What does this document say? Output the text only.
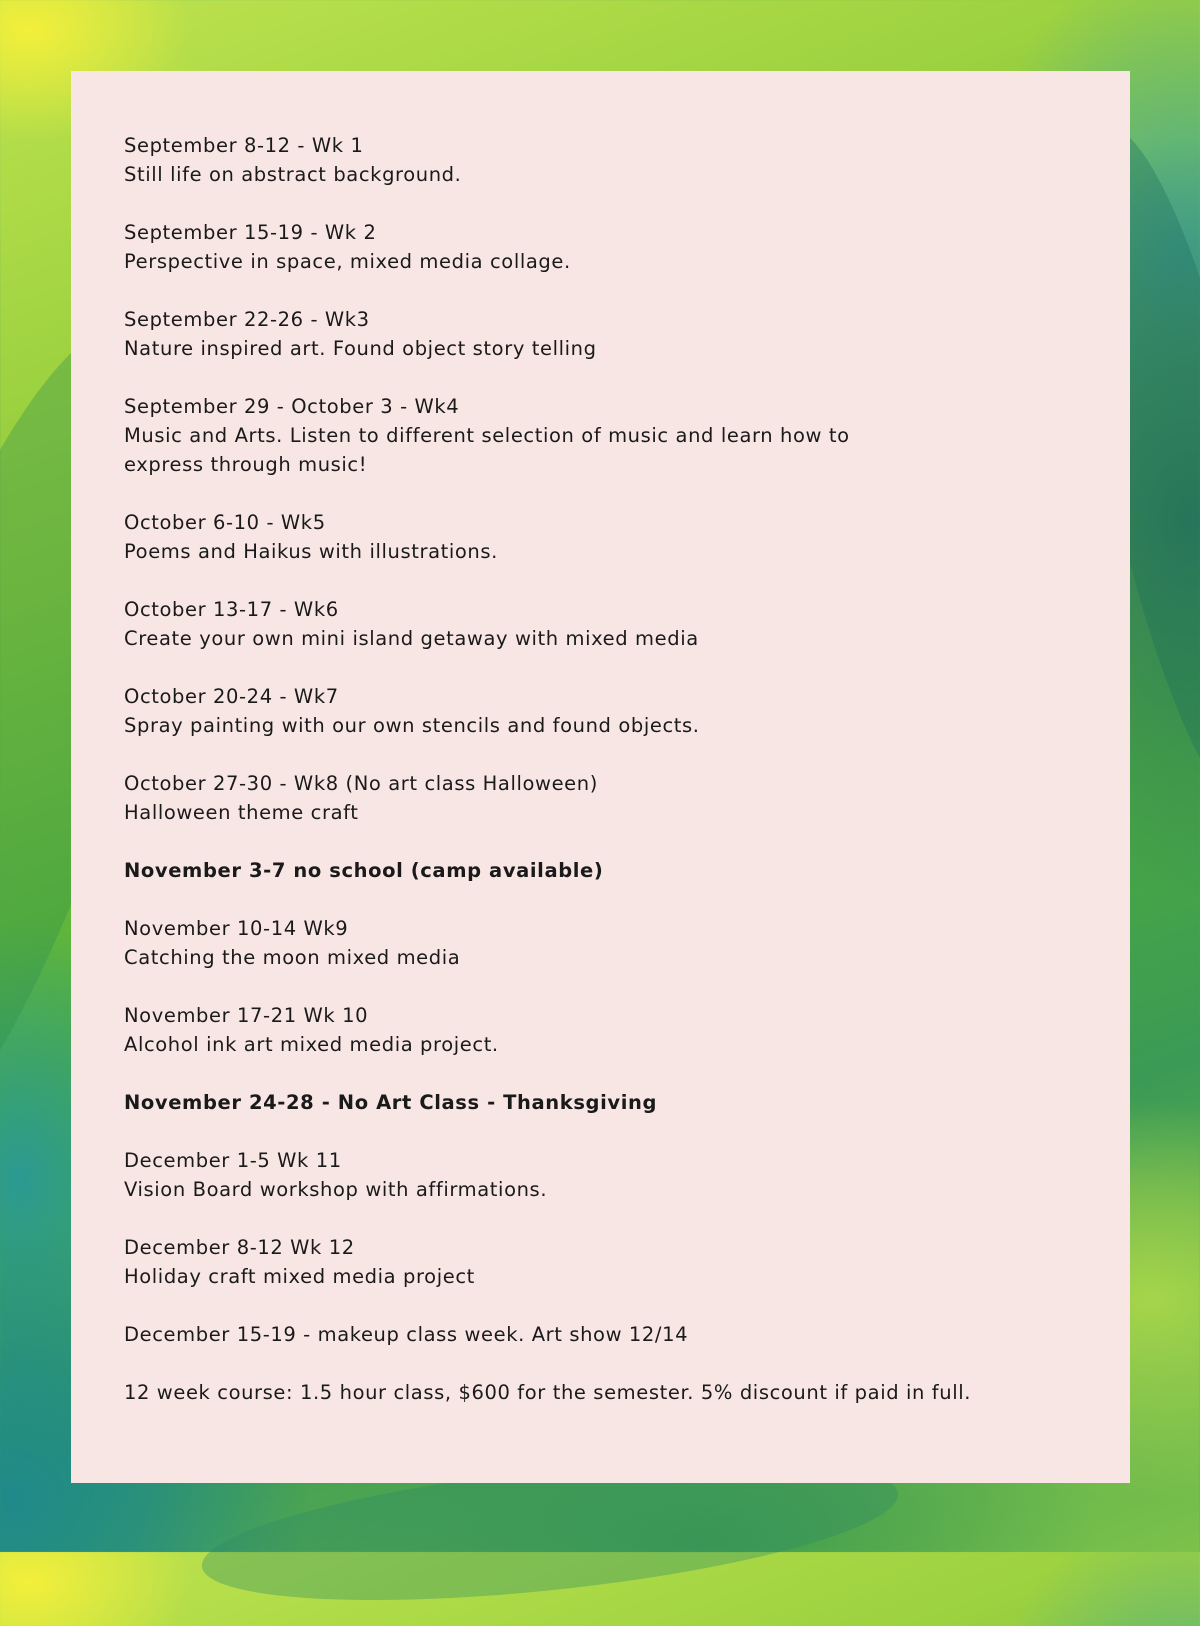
September 8-12 - Wk 1
Still life on abstract background.
September 15-19 - Wk 2
Perspective in space, mixed media collage.
September 22-26 - Wk3
Nature inspired art. Found object story telling
September 29 - October 3 - Wk4
Music and Arts. Listen to different selection of music and learn how to express through music!
October 6-10 - Wk5
Poems and Haikus with illustrations.
October 13-17 - Wk6
Create your own mini island getaway with mixed media
October 20-24 - Wk7
Spray painting with our own stencils and found objects.
October 27-30 - Wk8 (No art class Halloween)
Halloween theme craft
November 3-7 no school (camp available)
November 10-14 Wk9
Catching the moon mixed media
November 17-21 Wk 10
Alcohol ink art mixed media project.
November 24-28 - No Art Class - Thanksgiving
December 1-5 Wk 11
Vision Board workshop with affirmations.
December 8-12 Wk 12
Holiday craft mixed media project
December 15-19 - makeup class week. Art show 12/14
12 week course: 1.5 hour class, $600 for the semester. 5% discount if paid in full.
